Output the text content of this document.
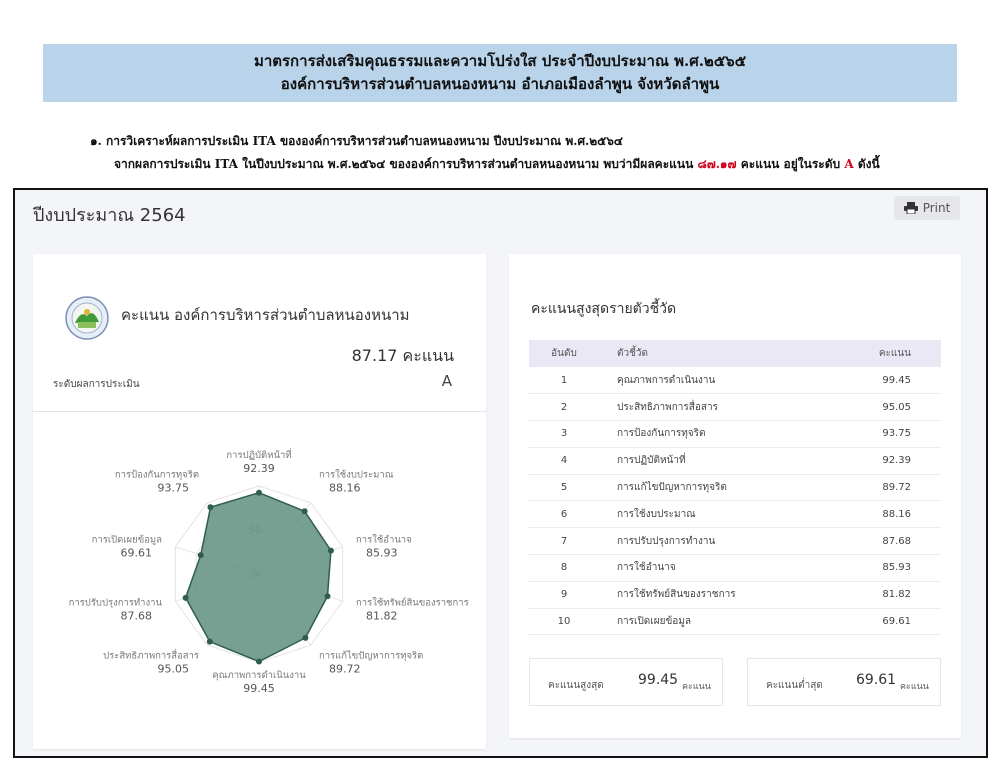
มาตรการส่งเสริมคุณธรรมและความโปร่งใส ประจำปีงบประมาณ พ.ศ.๒๕๖๕
องค์การบริหารส่วนตำบลหนองหนาม อำเภอเมืองลำพูน จังหวัดลำพูน
๑. การวิเคราะห์ผลการประเมิน ITA ขององค์การบริหารส่วนตำบลหนองหนาม ปีงบประมาณ พ.ศ.๒๕๖๔
จากผลการประเมิน ITA ในปีงบประมาณ พ.ศ.๒๕๖๔ ขององค์การบริหารส่วนตำบลหนองหนาม พบว่ามีผลคะแนน ๘๗.๑๗ คะแนน อยู่ในระดับ A ดังนี้
ปีงบประมาณ 2564	Print
คะแนน องค์การบริหารส่วนตำบลหนองหนาม
87.17 คะแนน
ระดับผลการประเมิน	A
การปฏิบัติหน้าที่
92.39	การใช้งบประมาณ
88.16
การใช้อำนาจ
85.93
การใช้ทรัพย์สินของราชการ
81.82
การแก้ไขปัญหาการทุจริต
89.72
คุณภาพการดำเนินงาน
99.45
ประสิทธิภาพการสื่อสาร
95.05
การปรับปรุงการทำงาน
87.68
การเปิดเผยข้อมูล
69.61
การป้องกันการทุจริต
93.75
คะแนนสูงสุดรายตัวชี้วัด
อันดับ	ตัวชี้วัด	คะแนน
1	คุณภาพการดำเนินงาน	99.45
2	ประสิทธิภาพการสื่อสาร	95.05
3	การป้องกันการทุจริต	93.75
4	การปฏิบัติหน้าที่	92.39
5	การแก้ไขปัญหาการทุจริต	89.72
6	การใช้งบประมาณ	88.16
7	การปรับปรุงการทำงาน	87.68
8	การใช้อำนาจ	85.93
9	การใช้ทรัพย์สินของราชการ	81.82
10	การเปิดเผยข้อมูล	69.61
คะแนนสูงสุด 99.45 คะแนน	คะแนนต่ำสุด 69.61 คะแนน
